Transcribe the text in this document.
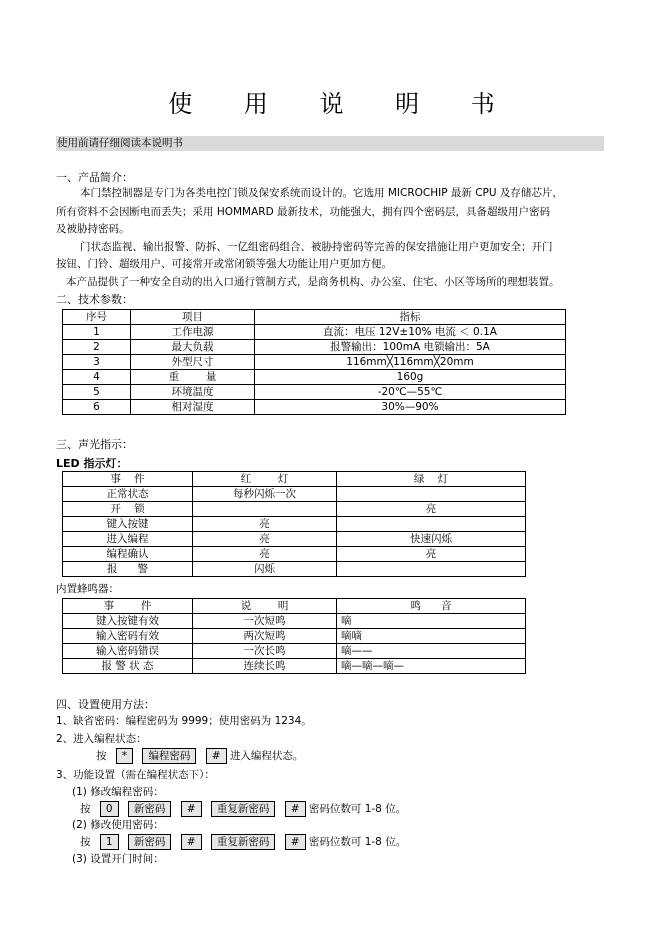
使 用 说 明 书
使用前请仔细阅读本说明书
一、产品简介：
本门禁控制器是专门为各类电控门锁及保安系统而设计的。它选用 MICROCHIP 最新 CPU 及存储芯片，
所有资料不会因断电而丢失；采用 HOMMARD 最新技术，功能强大，拥有四个密码层，具备超级用户密码
及被胁持密码。
门状态监视、输出报警、防拆、一亿组密码组合、被胁持密码等完善的保安措施让用户更加安全；开门
按钮、门铃、超级用户、可接常开或常闭锁等强大功能让用户更加方便。
本产品提供了一种安全自动的出入口通行管制方式，是商务机构、办公室、住宅、小区等场所的理想装置。
二、技术参数：
序号	项目	指标
1	工作电源	直流：电压 12V±10% 电流 ＜ 0.1A
2	最大负载	报警输出：100mA 电锁输出：5A
3	外型尺寸	116mm╳116mm╳20mm
4	重        量	160g
5	环境温度	-20℃—55℃
6	相对湿度	30%—90%
三、声光指示：
LED 指示灯：
事    件	红        灯	绿    灯
正常状态	每秒闪烁一次	
开    锁		亮
键入按键	亮	
进入编程	亮	快速闪烁
编程确认	亮	亮
报      警	闪烁	
内置蜂鸣器：
事        件	说        明	鸣      音
键入按键有效	一次短鸣	嘀
输入密码有效	两次短鸣	嘀嘀
输入密码错误	一次长鸣	嘀——
报 警 状 态	连续长鸣	嘀—嘀—嘀—
四、设置使用方法：
1、缺省密码：编程密码为 9999；使用密码为 1234。
2、进入编程状态：
按 * 编程密码 # 进入编程状态。
3、功能设置（需在编程状态下）：
(1) 修改编程密码：
按 0 新密码 # 重复新密码 # 密码位数可 1-8 位。
(2) 修改使用密码：
按 1 新密码 # 重复新密码 # 密码位数可 1-8 位。
(3) 设置开门时间：
